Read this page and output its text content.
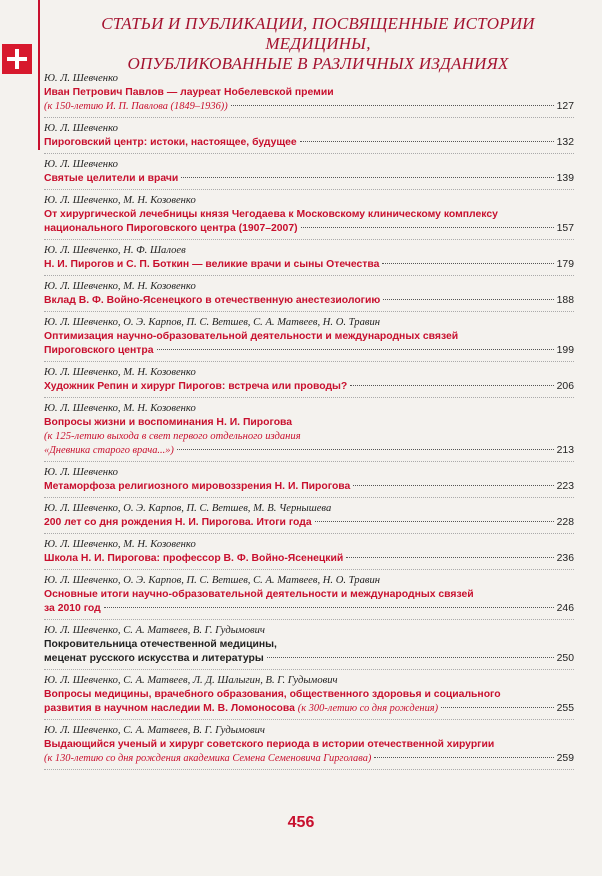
СТАТЬИ И ПУБЛИКАЦИИ, ПОСВЯЩЕННЫЕ ИСТОРИИ МЕДИЦИНЫ,
ОПУБЛИКОВАННЫЕ В РАЗЛИЧНЫХ ИЗДАНИЯХ
Ю. Л. Шевченко
Иван Петрович Павлов — лауреат Нобелевской премии
(к 150-летию И. П. Павлова (1849–1936))	127
Ю. Л. Шевченко
Пироговский центр: истоки, настоящее, будущее	132
Ю. Л. Шевченко
Святые целители и врачи	139
Ю. Л. Шевченко, М. Н. Козовенко
От хирургической лечебницы князя Чегодаева к Московскому клиническому комплексу
национального Пироговского центра (1907–2007)	157
Ю. Л. Шевченко, Н. Ф. Шалоев
Н. И. Пирогов и С. П. Боткин — великие врачи и сыны Отечества	179
Ю. Л. Шевченко, М. Н. Козовенко
Вклад В. Ф. Войно-Ясенецкого в отечественную анестезиологию	188
Ю. Л. Шевченко, О. Э. Карпов, П. С. Ветшев, С. А. Матвеев, Н. О. Травин
Оптимизация научно-образовательной деятельности и международных связей
Пироговского центра	199
Ю. Л. Шевченко, М. Н. Козовенко
Художник Репин и хирург Пирогов: встреча или проводы?	206
Ю. Л. Шевченко, М. Н. Козовенко
Вопросы жизни и воспоминания Н. И. Пирогова
(к 125-летию выхода в свет первого отдельного издания
«Дневника старого врача...»)	213
Ю. Л. Шевченко
Метаморфоза религиозного мировоззрения Н. И. Пирогова	223
Ю. Л. Шевченко, О. Э. Карпов, П. С. Ветшев, М. В. Чернышева
200 лет со дня рождения Н. И. Пирогова. Итоги года	228
Ю. Л. Шевченко, М. Н. Козовенко
Школа Н. И. Пирогова: профессор В. Ф. Войно-Ясенецкий	236
Ю. Л. Шевченко, О. Э. Карпов, П. С. Ветшев, С. А. Матвеев, Н. О. Травин
Основные итоги научно-образовательной деятельности и международных связей
за 2010 год	246
Ю. Л. Шевченко, С. А. Матвеев, В. Г. Гудымович
Покровительница отечественной медицины,
меценат русского искусства и литературы	250
Ю. Л. Шевченко, С. А. Матвеев, Л. Д. Шалыгин, В. Г. Гудымович
Вопросы медицины, врачебного образования, общественного здоровья и социального
развития в научном наследии М. В. Ломоносова (к 300-летию со дня рождения)	255
Ю. Л. Шевченко, С. А. Матвеев, В. Г. Гудымович
Выдающийся ученый и хирург советского периода в истории отечественной хирургии
(к 130-летию со дня рождения академика Семена Семеновича Гирголава)	259
456
